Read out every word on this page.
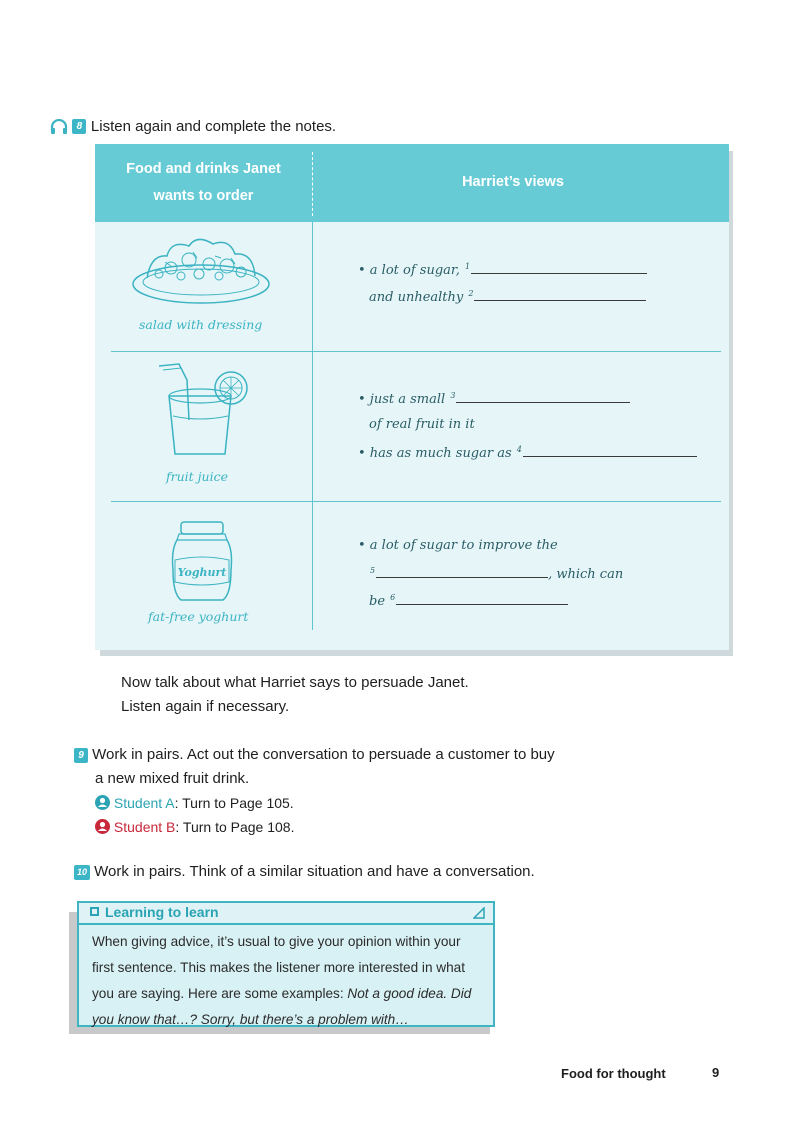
8 Listen again and complete the notes.
Food and drinks Janet
wants to order
Harriet’s views
salad with dressing
• a lot of sugar, $^1$
and unhealthy $^2$
fruit juice
• just a small $^3$
of real fruit in it
• has as much sugar as $^4$
Yoghurt
fat-free yoghurt
• a lot of sugar to improve the
$^5$	, which can
be $^6$
Now talk about what Harriet says to persuade Janet.
Listen again if necessary.
9 Work in pairs. Act out the conversation to persuade a customer to buy
a new mixed fruit drink.
Student A: Turn to Page 105.
Student B: Turn to Page 108.
10 Work in pairs. Think of a similar situation and have a conversation.
Learning to learn
When giving advice, it’s usual to give your opinion within your
first sentence. This makes the listener more interested in what
you are saying. Here are some examples: Not a good idea. Did
you know that…? Sorry, but there’s a problem with…
Food for thought	9
